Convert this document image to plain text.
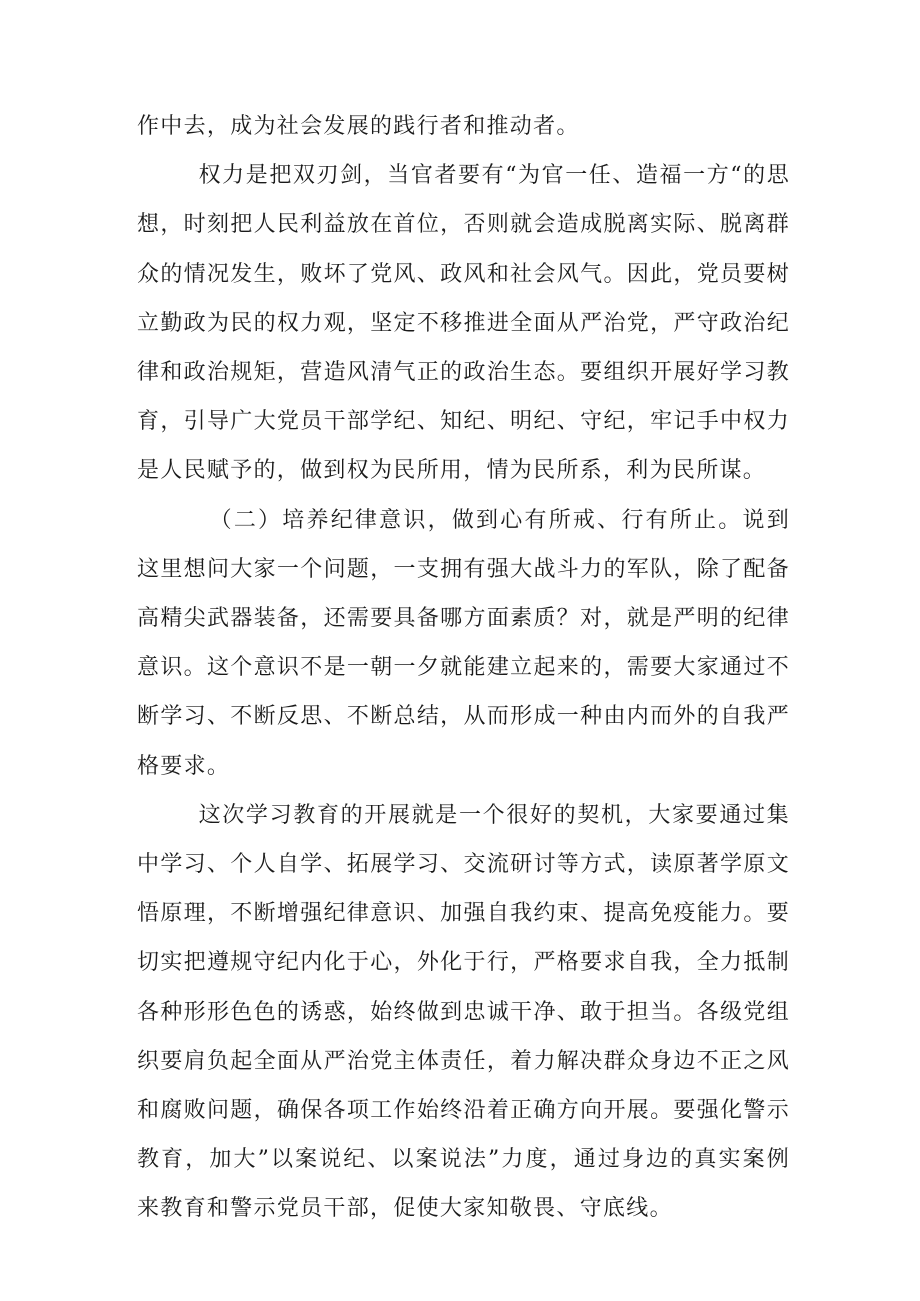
作中去，成为社会发展的践行者和推动者。

权力是把双刃剑，当官者要有“为官一任、造福一方“的思想，时刻把人民利益放在首位，否则就会造成脱离实际、脱离群众的情况发生，败坏了党风、政风和社会风气。因此，党员要树立勤政为民的权力观，坚定不移推进全面从严治党，严守政治纪律和政治规矩，营造风清气正的政治生态。要组织开展好学习教育，引导广大党员干部学纪、知纪、明纪、守纪，牢记手中权力是人民赋予的，做到权为民所用，情为民所系，利为民所谋。

（二）培养纪律意识，做到心有所戒、行有所止。说到这里想问大家一个问题，一支拥有强大战斗力的军队，除了配备高精尖武器装备，还需要具备哪方面素质？对，就是严明的纪律意识。这个意识不是一朝一夕就能建立起来的，需要大家通过不断学习、不断反思、不断总结，从而形成一种由内而外的自我严格要求。

这次学习教育的开展就是一个很好的契机，大家要通过集中学习、个人自学、拓展学习、交流研讨等方式，读原著学原文悟原理，不断增强纪律意识、加强自我约束、提高免疫能力。要切实把遵规守纪内化于心，外化于行，严格要求自我，全力抵制各种形形色色的诱惑，始终做到忠诚干净、敢于担当。各级党组织要肩负起全面从严治党主体责任，着力解决群众身边不正之风和腐败问题，确保各项工作始终沿着正确方向开展。要强化警示教育，加大”以案说纪、以案说法”力度，通过身边的真实案例来教育和警示党员干部，促使大家知敬畏、守底线。
